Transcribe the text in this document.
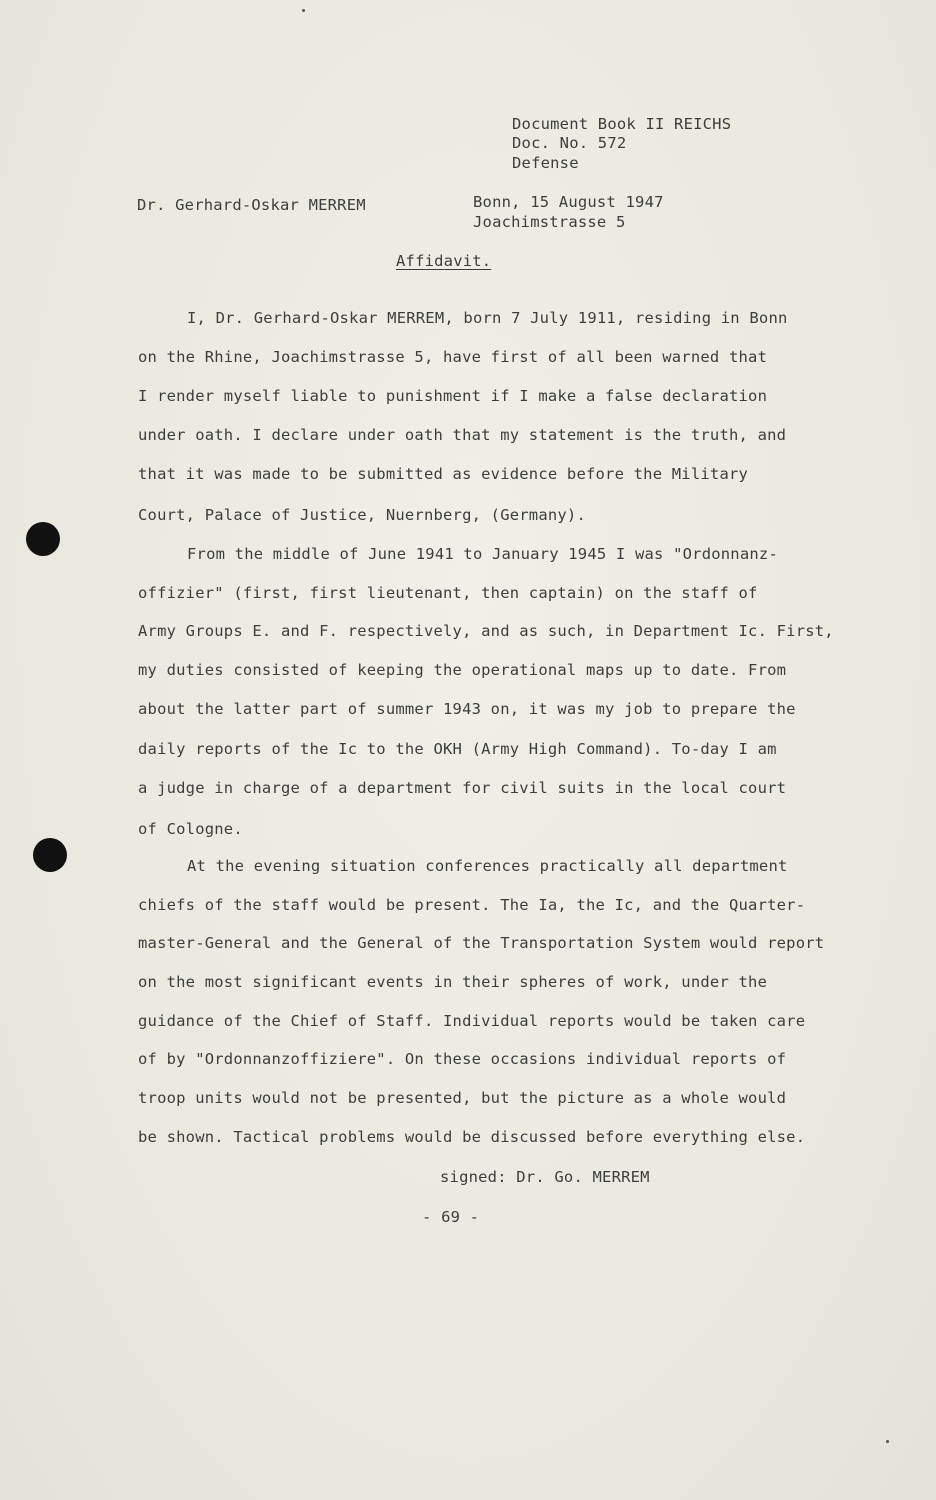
Document Book II REICHS
Doc. No. 572
Defense
Dr. Gerhard-Oskar MERREM	Bonn, 15 August 1947
Joachimstrasse 5
Affidavit.
I, Dr. Gerhard-Oskar MERREM, born 7 July 1911, residing in Bonn
on the Rhine, Joachimstrasse 5, have first of all been warned that
I render myself liable to punishment if I make a false declaration
under oath. I declare under oath that my statement is the truth, and
that it was made to be submitted as evidence before the Military
Court, Palace of Justice, Nuernberg, (Germany).
From the middle of June 1941 to January 1945 I was "Ordonnanz-
offizier" (first, first lieutenant, then captain) on the staff of
Army Groups E. and F. respectively, and as such, in Department Ic. First,
my duties consisted of keeping the operational maps up to date. From
about the latter part of summer 1943 on, it was my job to prepare the
daily reports of the Ic to the OKH (Army High Command). To-day I am
a judge in charge of a department for civil suits in the local court
of Cologne.
At the evening situation conferences practically all department
chiefs of the staff would be present. The Ia, the Ic, and the Quarter-
master-General and the General of the Transportation System would report
on the most significant events in their spheres of work, under the
guidance of the Chief of Staff. Individual reports would be taken care
of by "Ordonnanzoffiziere". On these occasions individual reports of
troop units would not be presented, but the picture as a whole would
be shown. Tactical problems would be discussed before everything else.
signed: Dr. Go. MERREM
- 69 -
